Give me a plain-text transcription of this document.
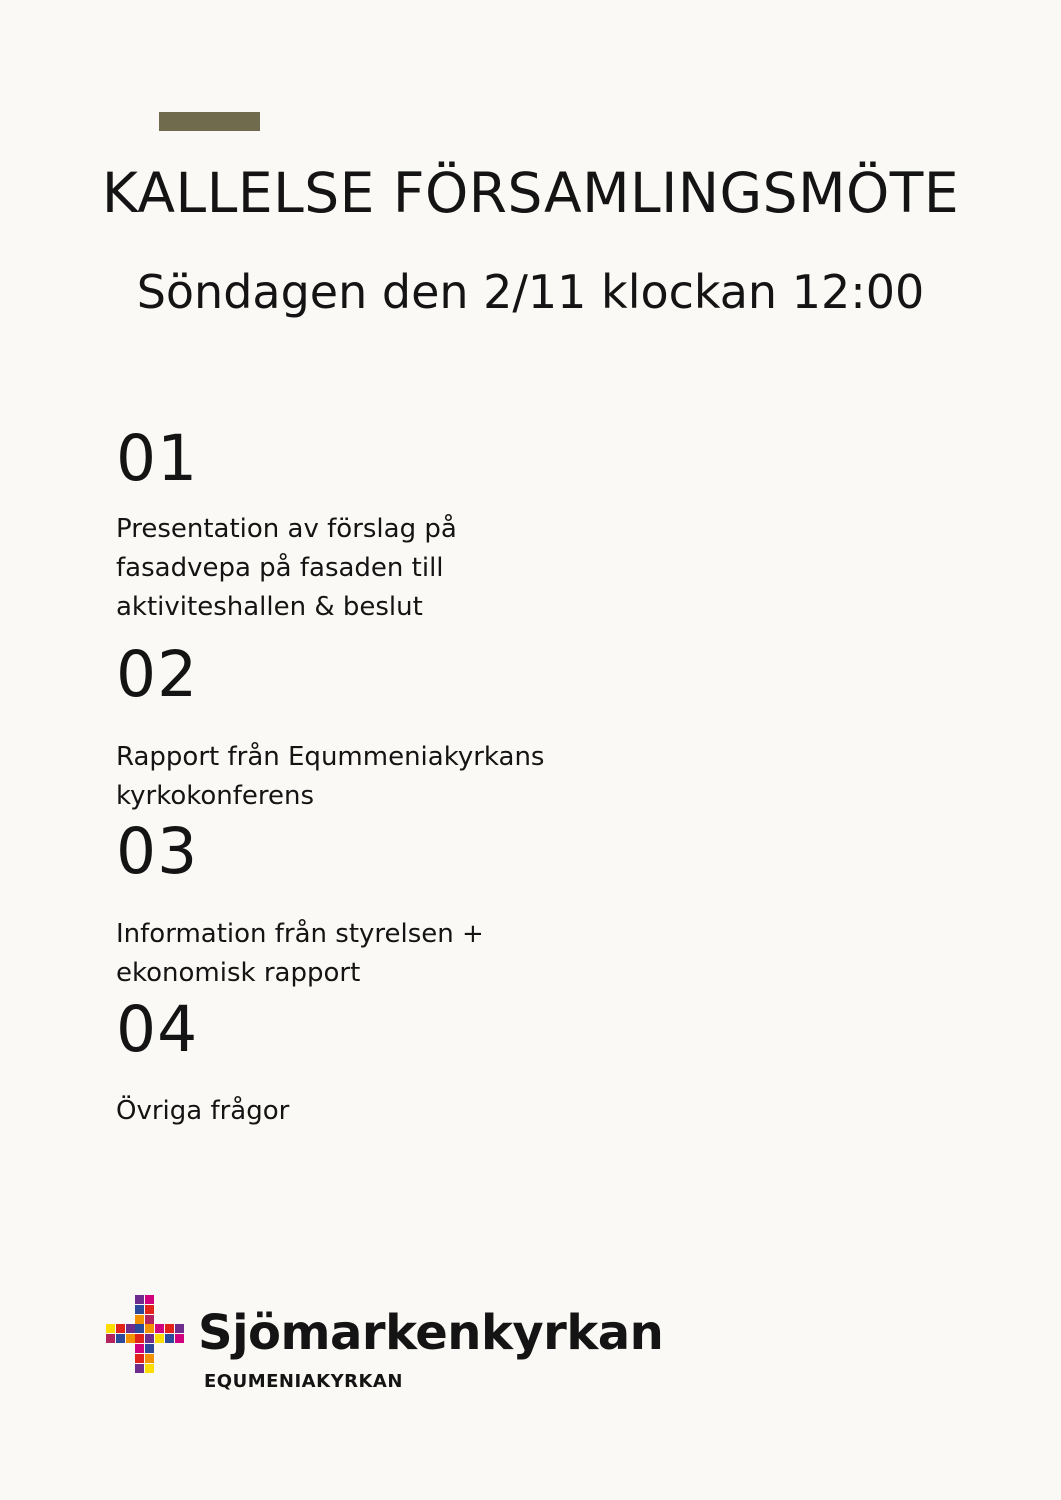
KALLELSE FÖRSAMLINGSMÖTE

Söndagen den 2/11 klockan 12:00

01
Presentation av förslag på
fasadvepa på fasaden till
aktiviteshallen & beslut
02
Rapport från Eqummeniakyrkans
kyrkokonferens
03
Information från styrelsen +
ekonomisk rapport
04
Övriga frågor
Sjömarkenkyrkan
EQUMENIAKYRKAN
